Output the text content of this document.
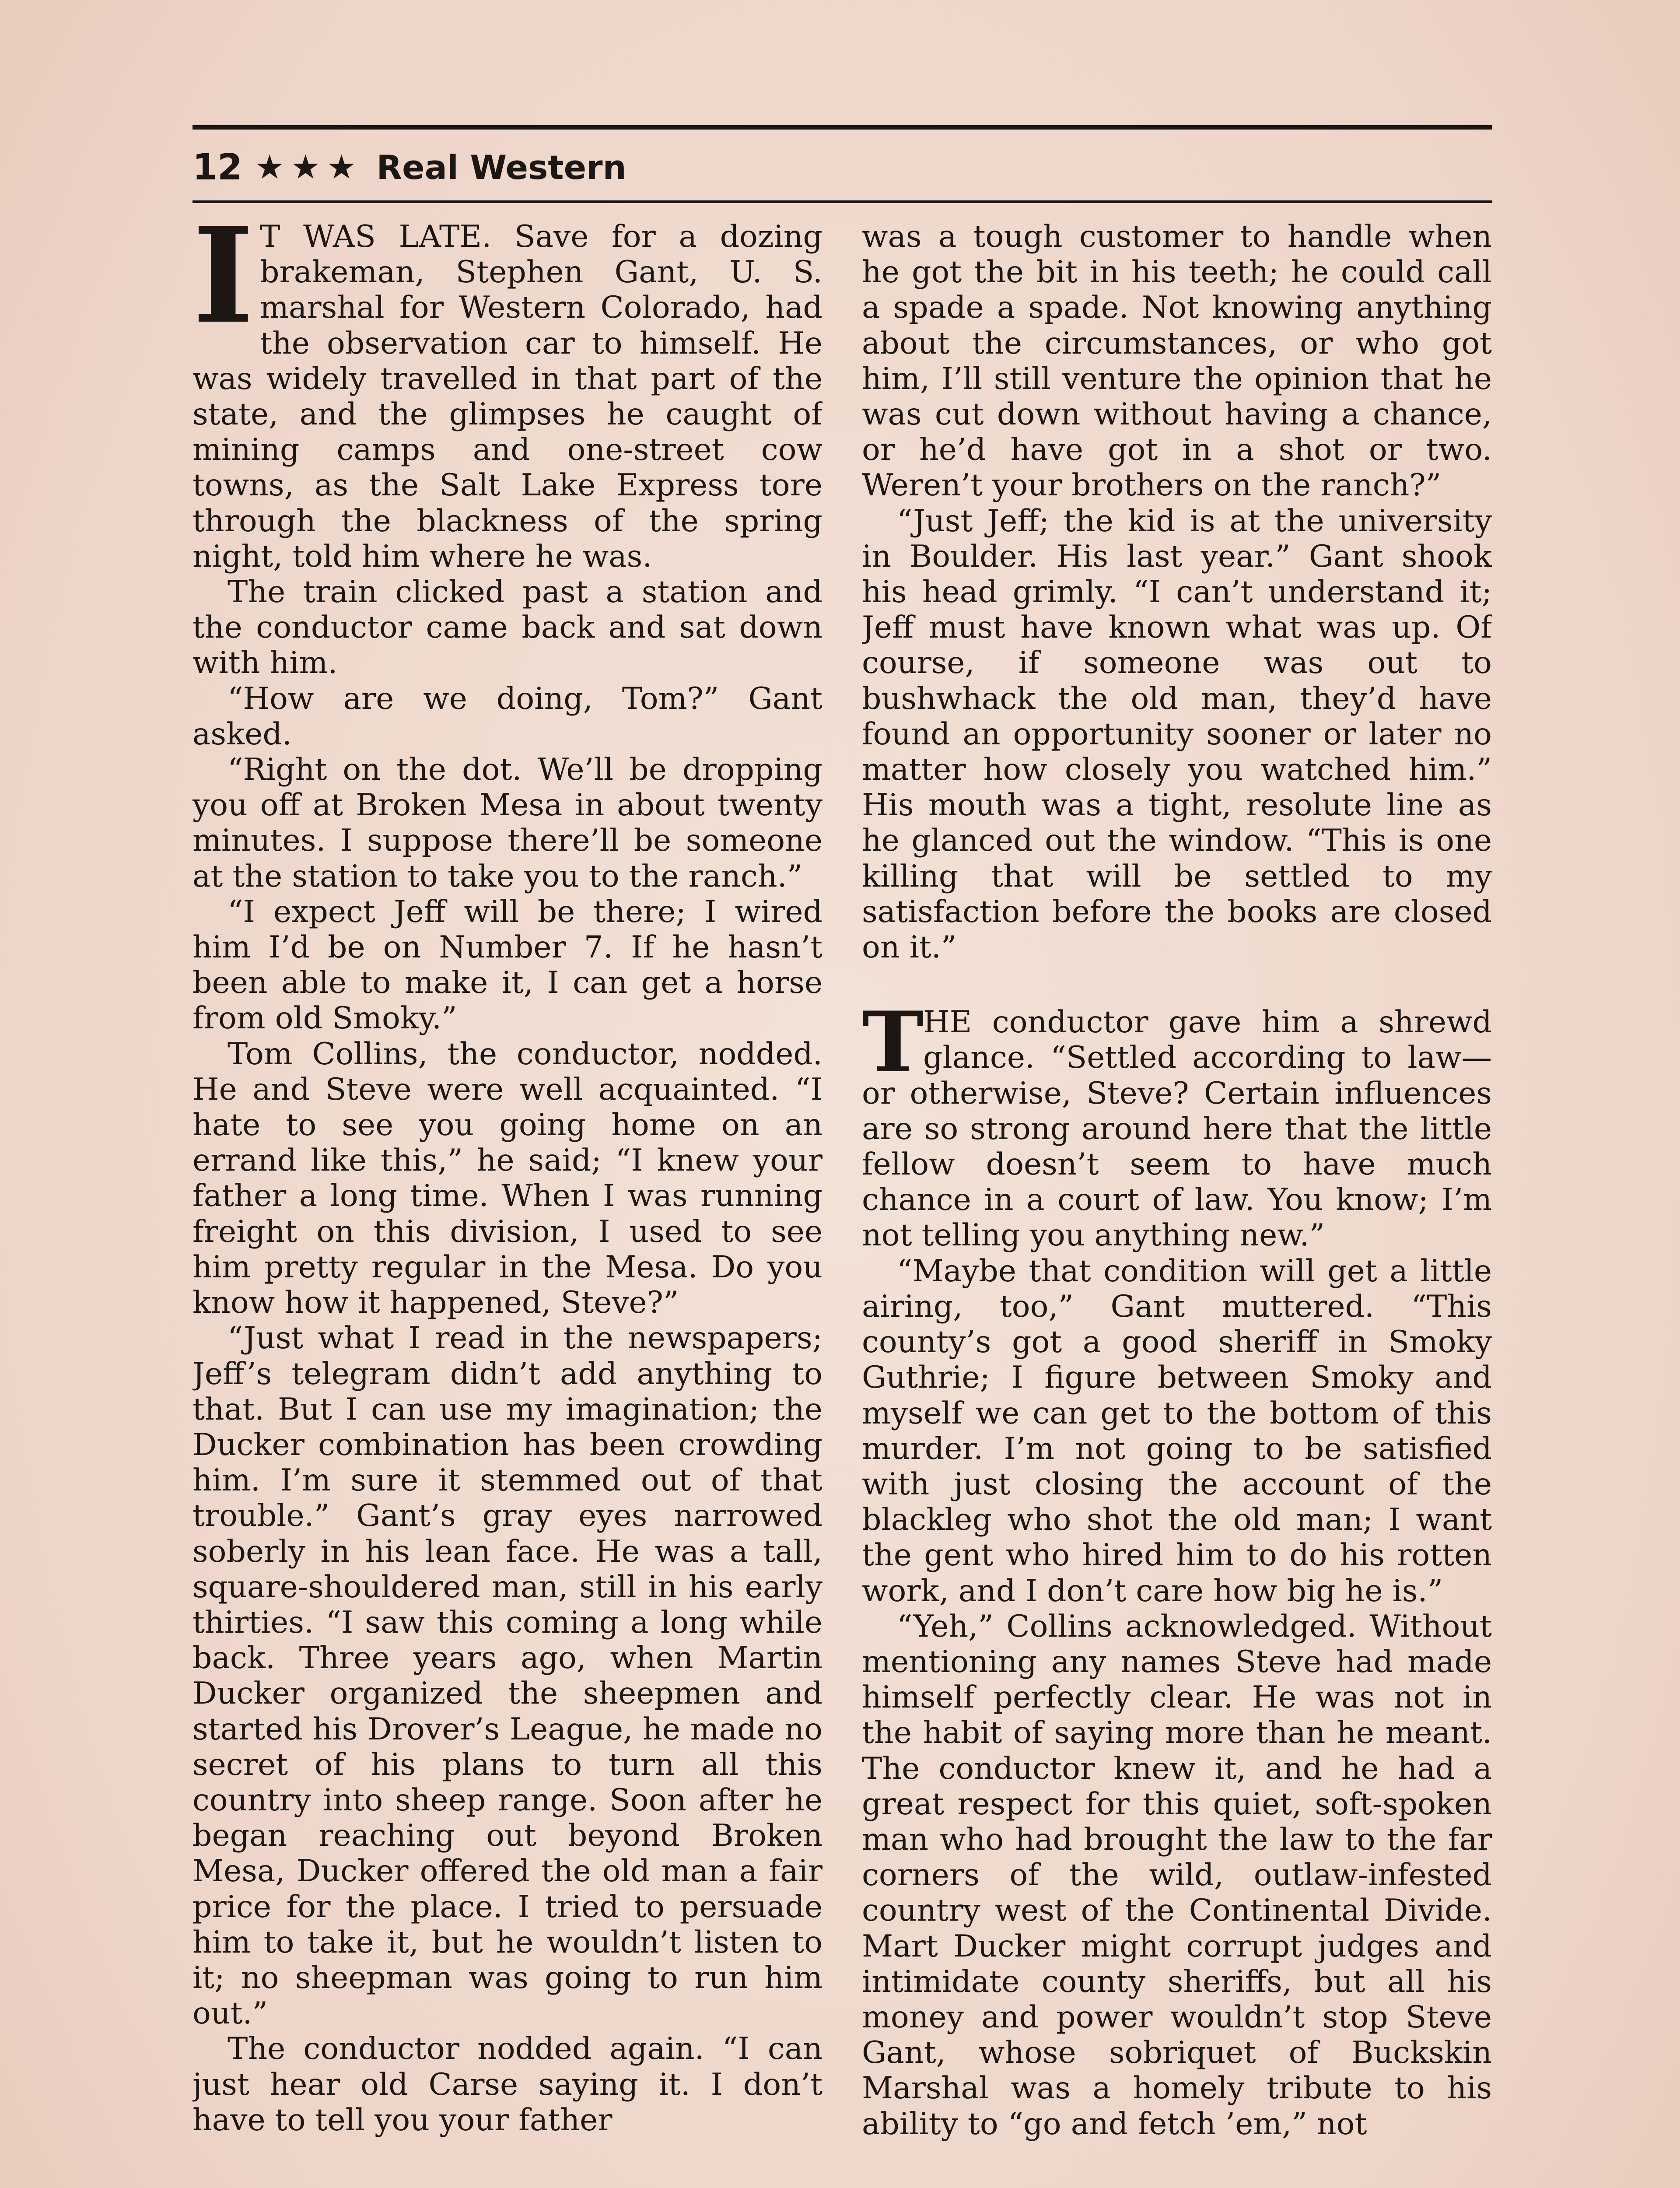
12 ★ ★ ★ Real Western
I T WAS LATE. Save for a dozing brakeman, Stephen Gant, U. S. marshal for Western Colorado, had the observation car to himself. He was widely travelled in that part of the state, and the glimpses he caught of mining camps and one-street cow towns, as the Salt Lake Express tore through the blackness of the spring night, told him where he was.

The train clicked past a station and the conductor came back and sat down with him.

“How are we doing, Tom?” Gant asked.

“Right on the dot. We’ll be dropping you off at Broken Mesa in about twenty minutes. I suppose there’ll be someone at the station to take you to the ranch.”

“I expect Jeff will be there; I wired him I’d be on Number 7. If he hasn’t been able to make it, I can get a horse from old Smoky.”

Tom Collins, the conductor, nodded. He and Steve were well acquainted. “I hate to see you going home on an errand like this,” he said; “I knew your father a long time. When I was running freight on this division, I used to see him pretty regular in the Mesa. Do you know how it happened, Steve?”

“Just what I read in the newspapers; Jeff’s telegram didn’t add anything to that. But I can use my imagination; the Ducker combination has been crowding him. I’m sure it stemmed out of that trouble.” Gant’s gray eyes narrowed soberly in his lean face. He was a tall, square-shouldered man, still in his early thirties. “I saw this coming a long while back. Three years ago, when Martin Ducker organized the sheepmen and started his Drover’s League, he made no secret of his plans to turn all this country into sheep range. Soon after he began reaching out beyond Broken Mesa, Ducker offered the old man a fair price for the place. I tried to persuade him to take it, but he wouldn’t listen to it; no sheepman was going to run him out.”

The conductor nodded again. “I can just hear old Carse saying it. I don’t have to tell you your father

was a tough customer to handle when he got the bit in his teeth; he could call a spade a spade. Not knowing anything about the circumstances, or who got him, I’ll still venture the opinion that he was cut down without having a chance, or he’d have got in a shot or two. Weren’t your brothers on the ranch?”

“Just Jeff; the kid is at the university in Boulder. His last year.” Gant shook his head grimly. “I can’t understand it; Jeff must have known what was up. Of course, if someone was out to bushwhack the old man, they’d have found an opportunity sooner or later no matter how closely you watched him.” His mouth was a tight, resolute line as he glanced out the window. “This is one killing that will be settled to my satisfaction before the books are closed on it.”

T

HE conductor gave him a shrewd glance. “Settled according to law—or otherwise, Steve? Certain influences are so strong around here that the little fellow doesn’t seem to have much chance in a court of law. You know; I’m not telling you anything new.”

“Maybe that condition will get a little airing, too,” Gant muttered. “This county’s got a good sheriff in Smoky Guthrie; I figure between Smoky and myself we can get to the bottom of this murder. I’m not going to be satisfied with just closing the account of the blackleg who shot the old man; I want the gent who hired him to do his rotten work, and I don’t care how big he is.”

“Yeh,” Collins acknowledged. Without mentioning any names Steve had made himself perfectly clear. He was not in the habit of saying more than he meant. The conductor knew it, and he had a great respect for this quiet, soft-spoken man who had brought the law to the far corners of the wild, outlaw-infested country west of the Continental Divide. Mart Ducker might corrupt judges and intimidate county sheriffs, but all his money and power wouldn’t stop Steve Gant, whose sobriquet of Buckskin Marshal was a homely tribute to his ability to “go and fetch ’em,” not
